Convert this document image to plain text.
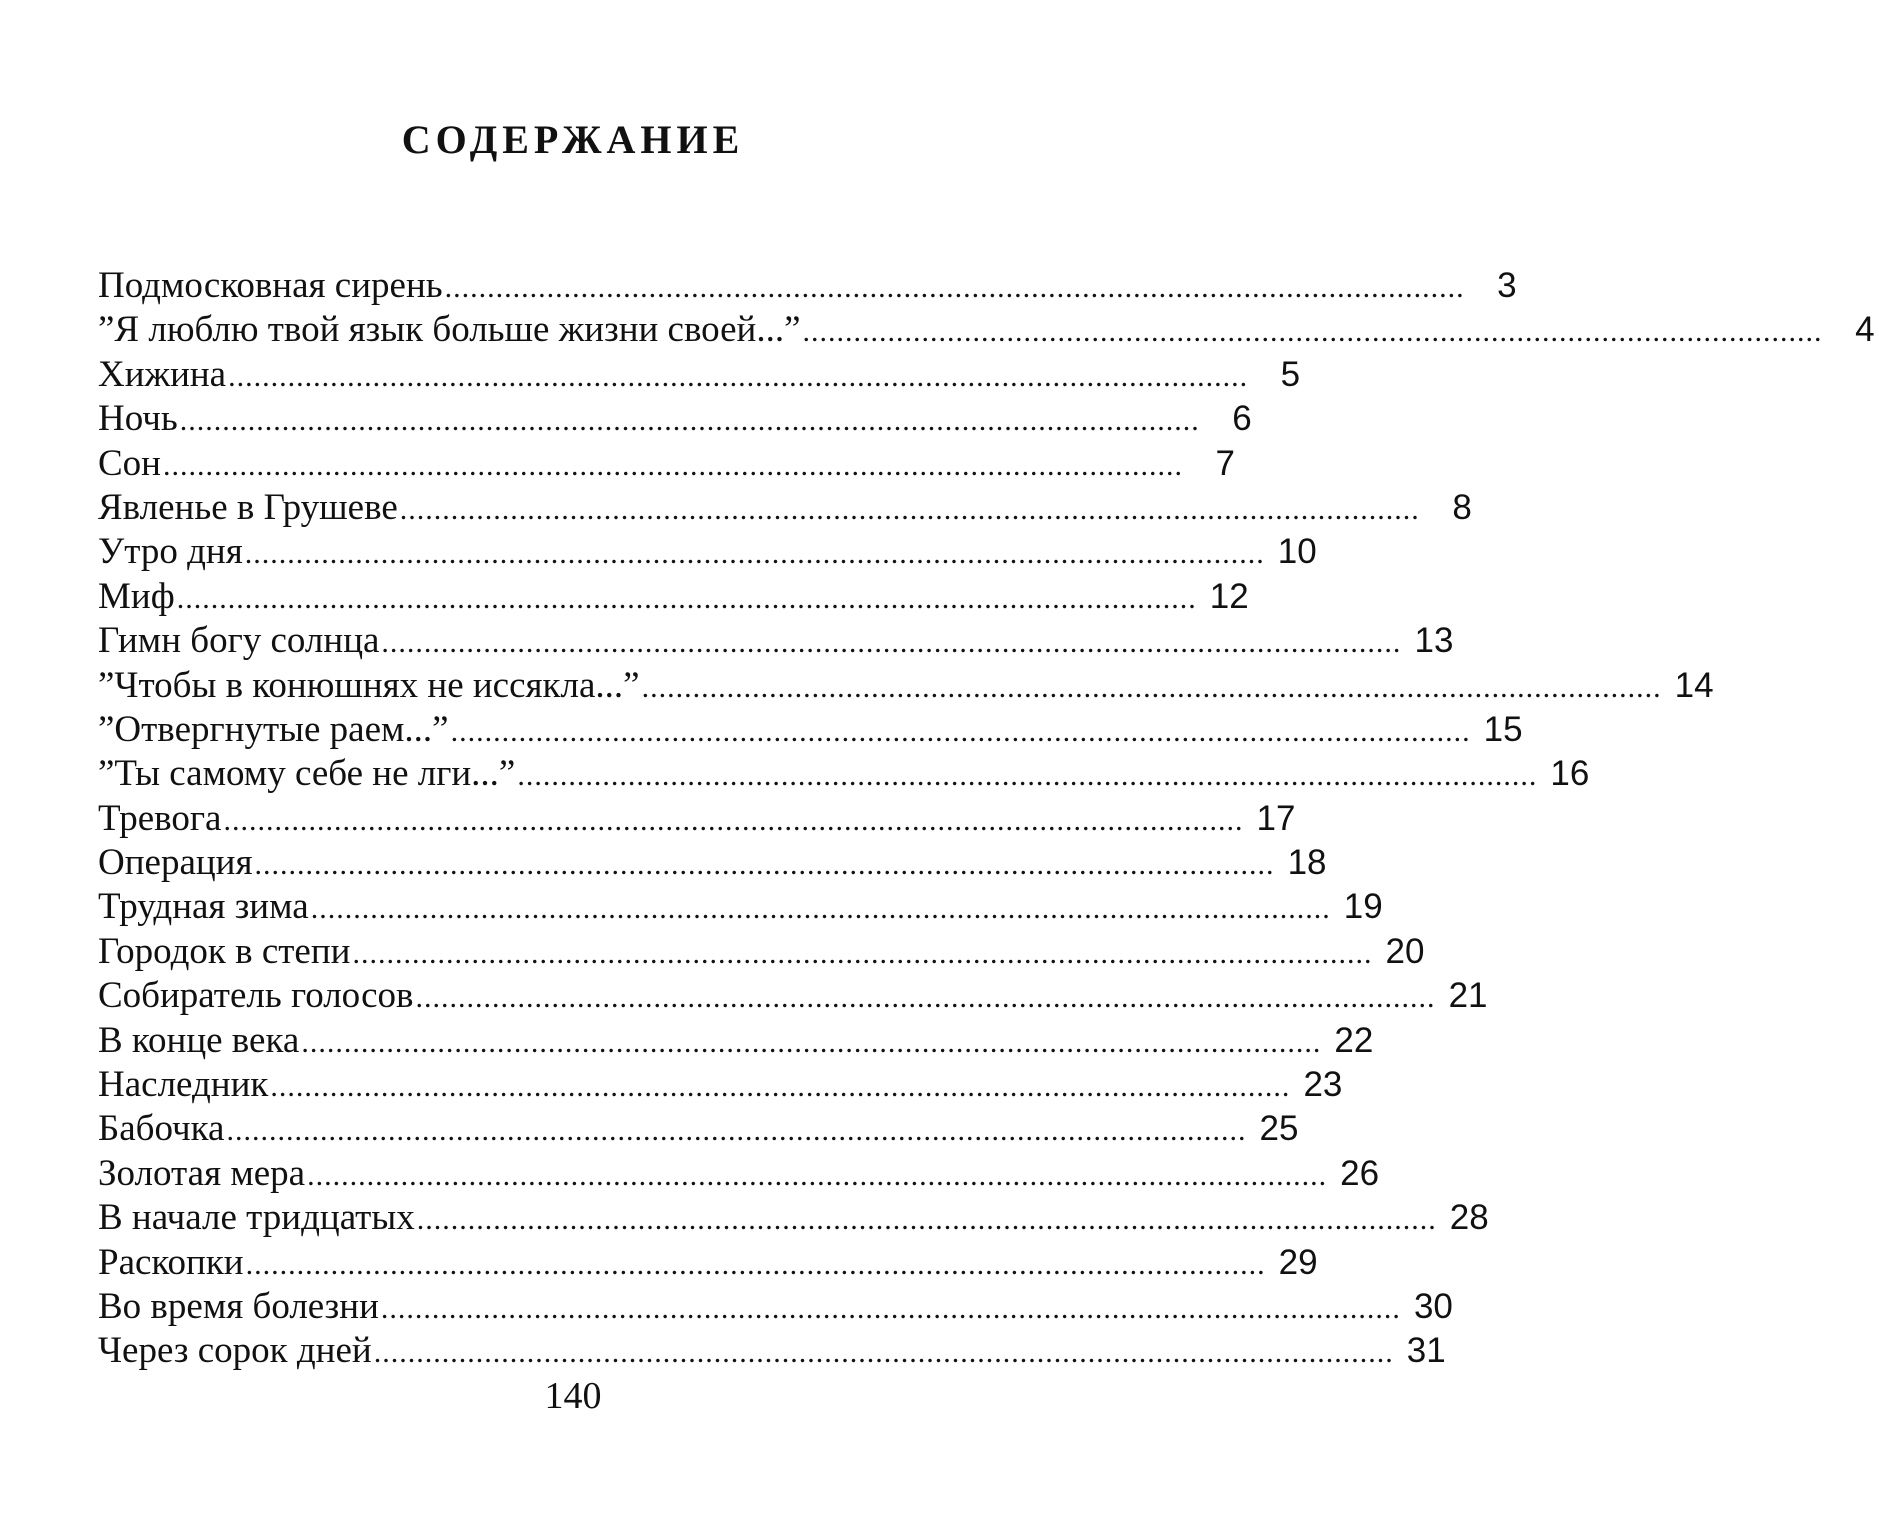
СОДЕРЖАНИЕ
Подмосковная сирень ........................................................................................................................ 3
”Я люблю твой язык больше жизни своей...” ........................................................................................................................ 4
Хижина ........................................................................................................................ 5
Ночь ........................................................................................................................ 6
Сон ........................................................................................................................ 7
Явленье в Грушеве ........................................................................................................................ 8
Утро дня ........................................................................................................................ 10
Миф ........................................................................................................................ 12
Гимн богу солнца ........................................................................................................................ 13
”Чтобы в конюшнях не иссякла...” ........................................................................................................................ 14
”Отвергнутые раем...” ........................................................................................................................ 15
”Ты самому себе не лги...” ........................................................................................................................ 16
Тревога ........................................................................................................................ 17
Операция ........................................................................................................................ 18
Трудная зима ........................................................................................................................ 19
Городок в степи ........................................................................................................................ 20
Собиратель голосов ........................................................................................................................ 21
В конце века ........................................................................................................................ 22
Наследник ........................................................................................................................ 23
Бабочка ........................................................................................................................ 25
Золотая мера ........................................................................................................................ 26
В начале тридцатых ........................................................................................................................ 28
Раскопки ........................................................................................................................ 29
Во время болезни ........................................................................................................................ 30
Через сорок дней ........................................................................................................................ 31
140
